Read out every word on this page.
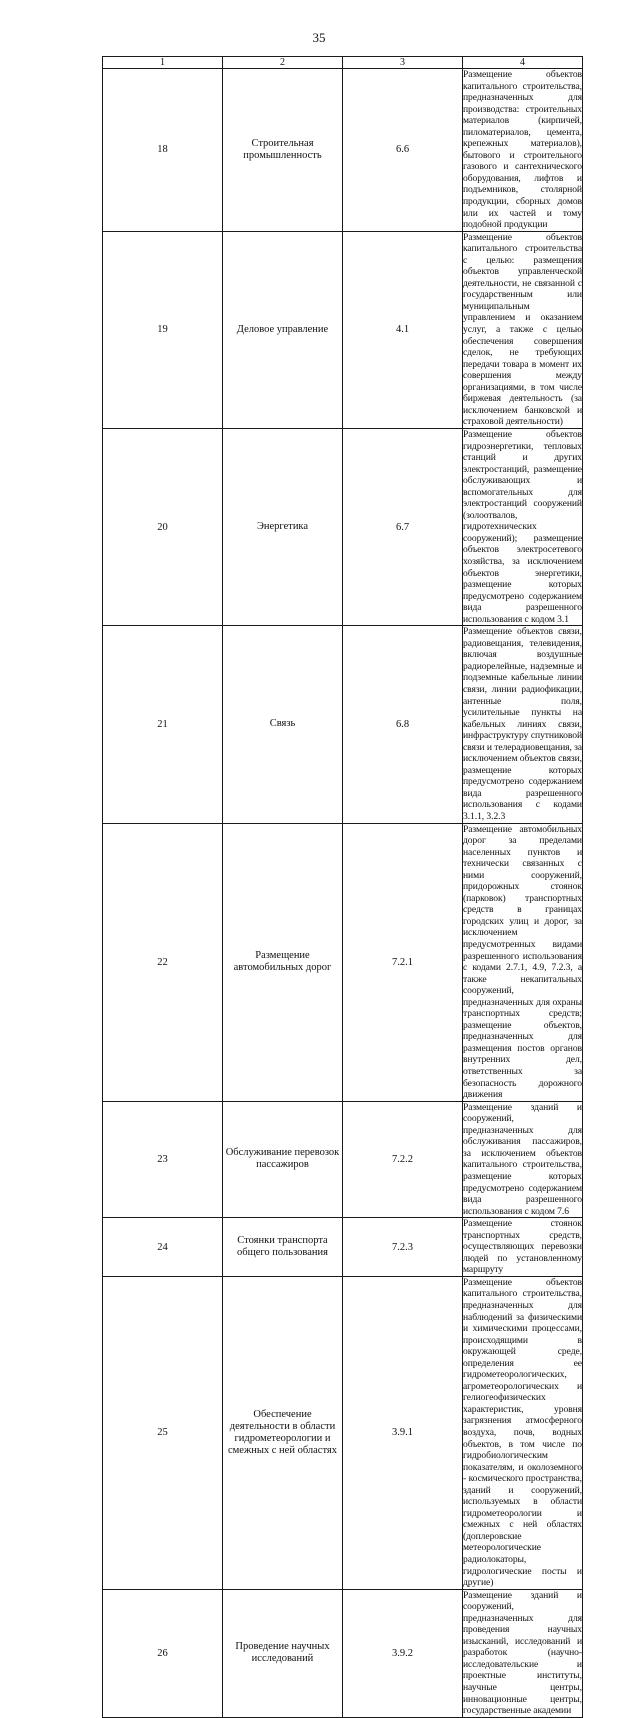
35
1	2	3	4
18	Строительная промышленность	6.6	Размещение объектов капитального строительства, предназначенных для производства: строительных материалов (кирпичей, пиломатериалов, цемента, крепежных материалов), бытового и строительного газового и сантехнического оборудования, лифтов и подъемников, столярной продукции, сборных домов или их частей и тому подобной продукции
19	Деловое управление	4.1	Размещение объектов капитального строительства с целью: размещения объектов управленческой деятельности, не связанной с государственным или муниципальным управлением и оказанием услуг, а также с целью обеспечения совершения сделок, не требующих передачи товара в момент их совершения между организациями, в том числе биржевая деятельность (за исключением банковской и страховой деятельности)
20	Энергетика	6.7	Размещение объектов гидроэнергетики, тепловых станций и других электростанций, размещение обслуживающих и вспомогательных для электростанций сооружений (золоотвалов, гидротехнических сооружений); размещение объектов электросетевого хозяйства, за исключением объектов энергетики, размещение которых предусмотрено содержанием вида разрешенного использования с кодом 3.1
21	Связь	6.8	Размещение объектов связи, радиовещания, телевидения, включая воздушные радиорелейные, надземные и подземные кабельные линии связи, линии радиофикации, антенные поля, усилительные пункты на кабельных линиях связи, инфраструктуру спутниковой связи и телерадиовещания, за исключением объектов связи, размещение которых предусмотрено содержанием вида разрешенного использования с кодами 3.1.1, 3.2.3
22	Размещение автомобильных дорог	7.2.1	Размещение автомобильных дорог за пределами населенных пунктов и технически связанных с ними сооружений, придорожных стоянок (парковок) транспортных средств в границах городских улиц и дорог, за исключением предусмотренных видами разрешенного использования с кодами 2.7.1, 4.9, 7.2.3, а также некапитальных сооружений, предназначенных для охраны транспортных средств; размещение объектов, предназначенных для размещения постов органов внутренних дел, ответственных за безопасность дорожного движения
23	Обслуживание перевозок пассажиров	7.2.2	Размещение зданий и сооружений, предназначенных для обслуживания пассажиров, за исключением объектов капитального строительства, размещение которых предусмотрено содержанием вида разрешенного использования с кодом 7.6
24	Стоянки транспорта общего пользования	7.2.3	Размещение стоянок транспортных средств, осуществляющих перевозки людей по установленному маршруту
25	Обеспечение деятельности в области гидрометеорологии и смежных с ней областях	3.9.1	Размещение объектов капитального строительства, предназначенных для наблюдений за физическими и химическими процессами, происходящими в окружающей среде, определения ее гидрометеорологических, агрометеорологических и гелиогеофизических характеристик, уровня загрязнения атмосферного воздуха, почв, водных объектов, в том числе по гидробиологическим показателям, и околоземного - космического пространства, зданий и сооружений, используемых в области гидрометеорологии и смежных с ней областях (доплеровские метеорологические радиолокаторы, гидрологические посты и другие)
26	Проведение научных исследований	3.9.2	Размещение зданий и сооружений, предназначенных для проведения научных изысканий, исследований и разработок (научно-исследовательские и проектные институты, научные центры, инновационные центры, государственные академии
